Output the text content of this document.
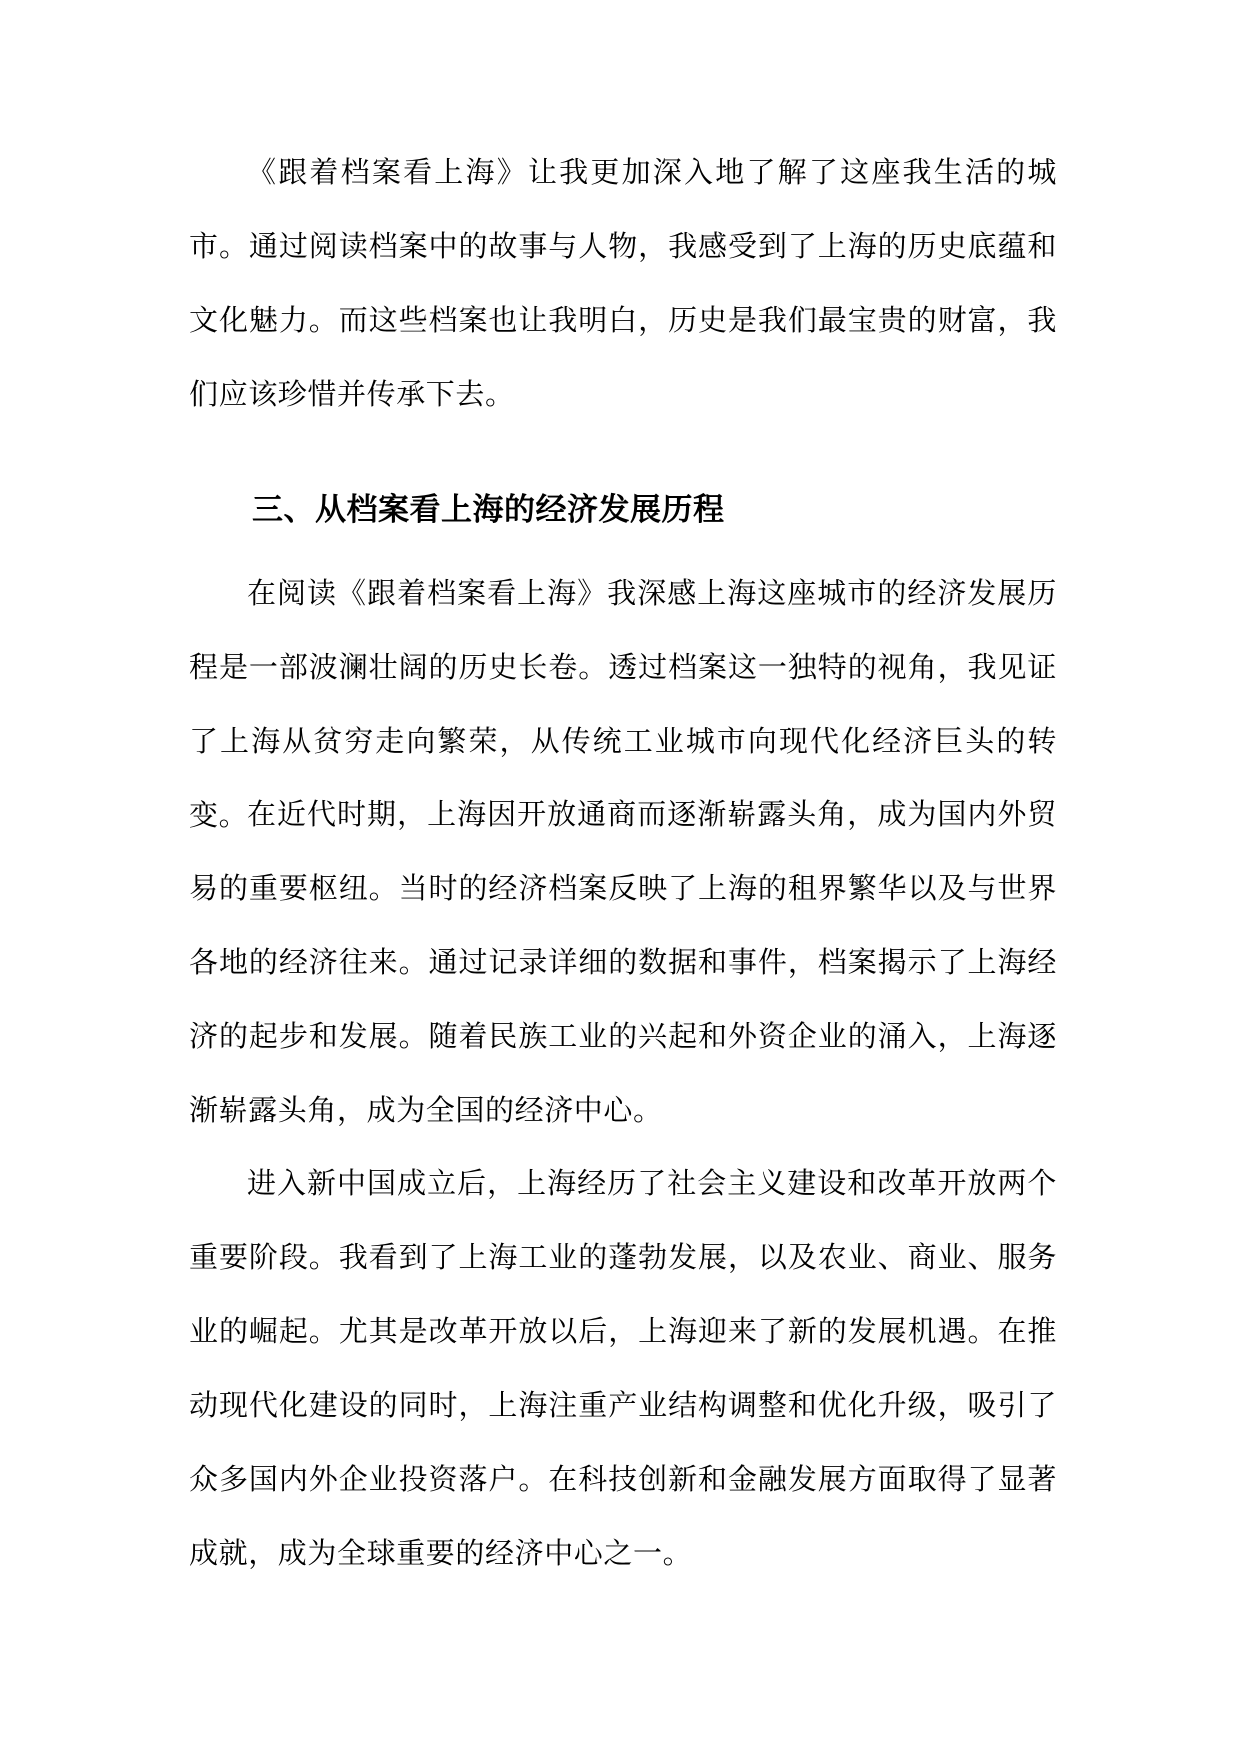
《跟着档案看上海》让我更加深入地了解了这座我生活的城市。通过阅读档案中的故事与人物，我感受到了上海的历史底蕴和文化魅力。而这些档案也让我明白，历史是我们最宝贵的财富，我们应该珍惜并传承下去。

三、从档案看上海的经济发展历程

在阅读《跟着档案看上海》我深感上海这座城市的经济发展历程是一部波澜壮阔的历史长卷。透过档案这一独特的视角，我见证了上海从贫穷走向繁荣，从传统工业城市向现代化经济巨头的转变。

在近代时期，上海因开放通商而逐渐崭露头角，成为国内外贸易的重要枢纽。当时的经济档案反映了上海的租界繁华以及与世界各地的经济往来。通过记录详细的数据和事件，档案揭示了上海经济的起步和发展。随着民族工业的兴起和外资企业的涌入，上海逐渐崭露头角，成为全国的经济中心。

进入新中国成立后，上海经历了社会主义建设和改革开放两个重要阶段。我看到了上海工业的蓬勃发展，以及农业、商业、服务业的崛起。尤其是改革开放以后，上海迎来了新的发展机遇。在推动现代化建设的同时，上海注重产业结构调整和优化升级，吸引了众多国内外企业投资落户。在科技创新和金融发展方面取得了显著成就，成为全球重要的经济中心之一。
